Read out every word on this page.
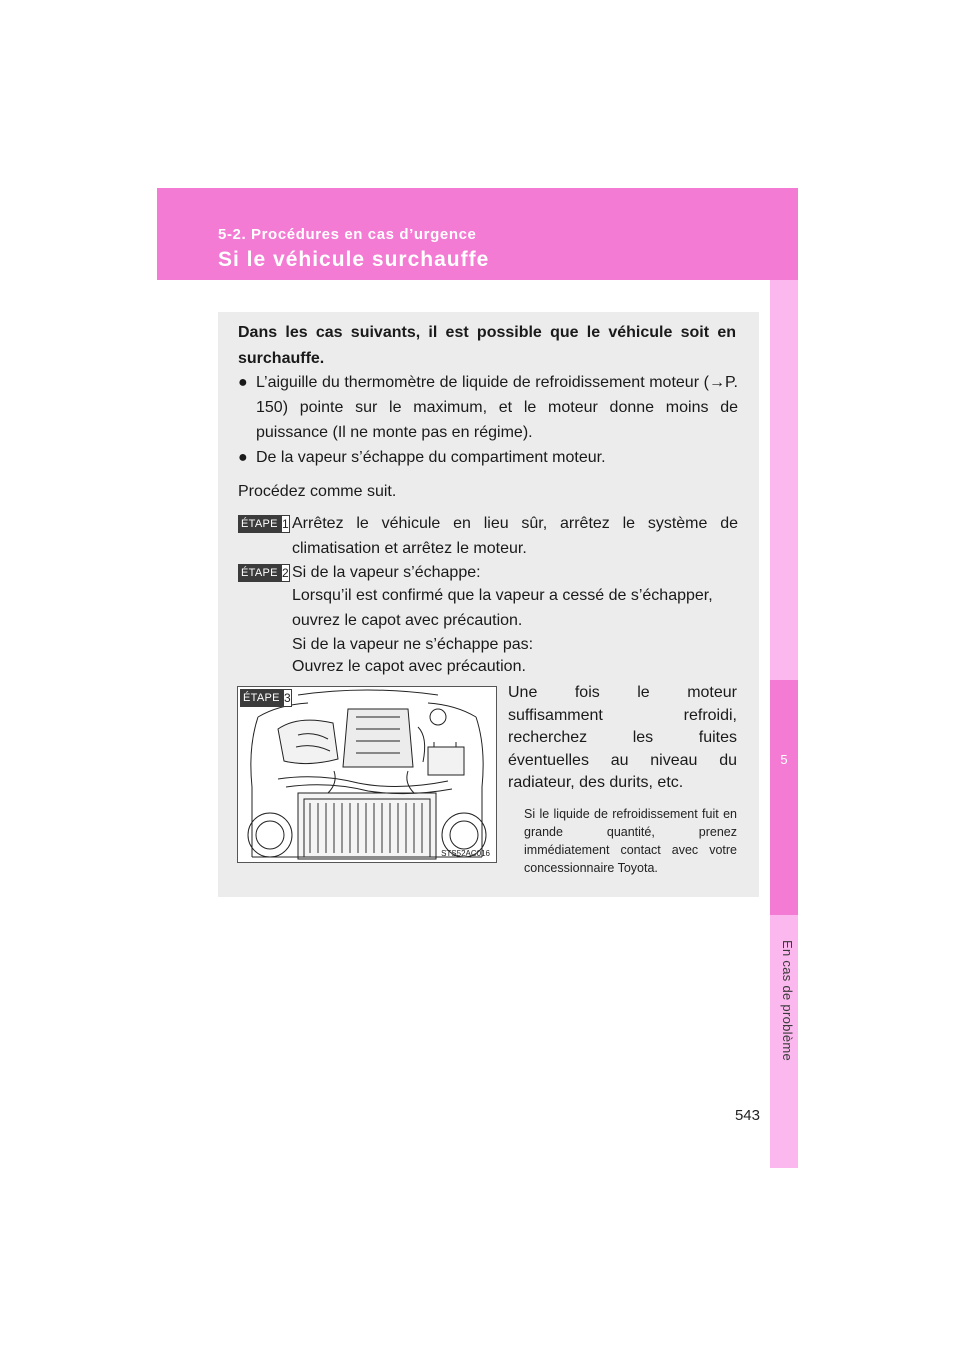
5-2. Procédures en cas d’urgence
Si le véhicule surchauffe
5
En cas de problème
Dans les cas suivants, il est possible que le véhicule soit en surchauffe.
● L’aiguille du thermomètre de liquide de refroidissement moteur (→P. 150) pointe sur le maximum, et le moteur donne moins de puissance (Il ne monte pas en régime).
● De la vapeur s’échappe du compartiment moteur.
Procédez comme suit.
ÉTAPE 1 Arrêtez le véhicule en lieu sûr, arrêtez le système de climatisation et arrêtez le moteur.
ÉTAPE 2 Si de la vapeur s’échappe:
Lorsqu’il est confirmé que la vapeur a cessé de s’échapper, ouvrez le capot avec précaution.
Si de la vapeur ne s’échappe pas:
Ouvrez le capot avec précaution.
ÉTAPE 3
STS52AC016
Une fois le moteur suffisamment refroidi, recherchez les fuites éventuelles au niveau du radiateur, des durits, etc.
Si le liquide de refroidissement fuit en grande quantité, prenez immédiatement contact avec votre concessionnaire Toyota.
543
